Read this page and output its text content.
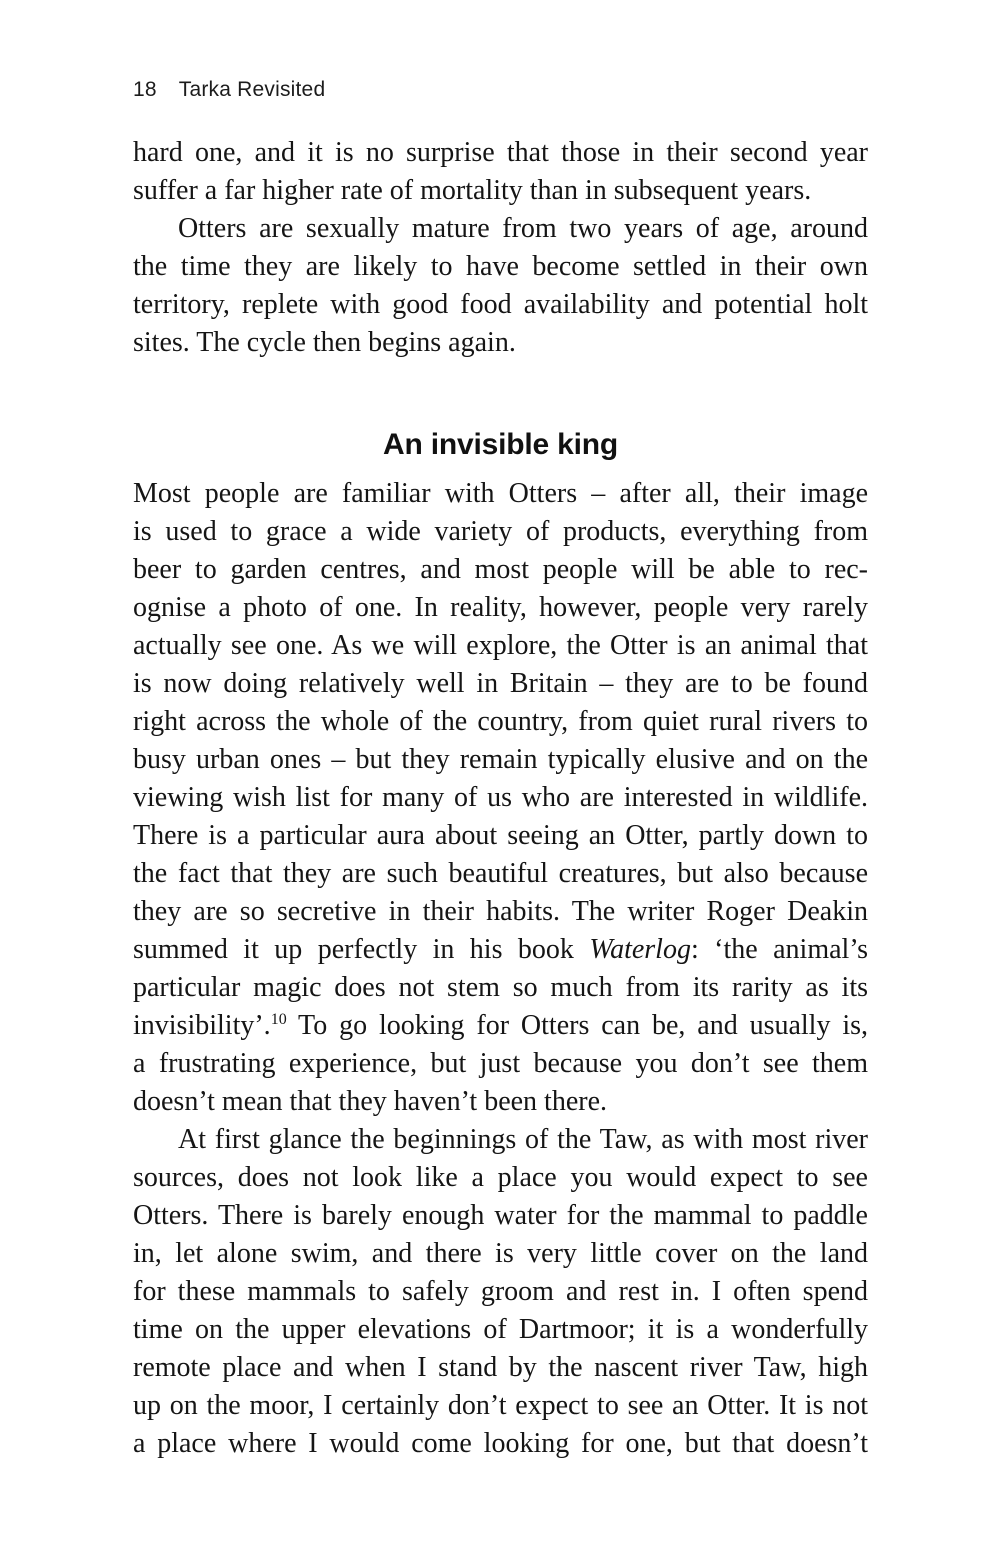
18 Tarka Revisited
hard one, and it is no surprise that those in their second year
suffer a far higher rate of mortality than in subsequent years.
Otters are sexually mature from two years of age, around
the time they are likely to have become settled in their own
territory, replete with good food availability and potential holt
sites. The cycle then begins again.
An invisible king
Most people are familiar with Otters – after all, their image
is used to grace a wide variety of products, everything from
beer to garden centres, and most people will be able to rec-
ognise a photo of one. In reality, however, people very rarely
actually see one. As we will explore, the Otter is an animal that
is now doing relatively well in Britain – they are to be found
right across the whole of the country, from quiet rural rivers to
busy urban ones – but they remain typically elusive and on the
viewing wish list for many of us who are interested in wildlife.
There is a particular aura about seeing an Otter, partly down to
the fact that they are such beautiful creatures, but also because
they are so secretive in their habits. The writer Roger Deakin
summed it up perfectly in his book Waterlog: ‘the animal’s
particular magic does not stem so much from its rarity as its
invisibility’.$^{10}$ To go looking for Otters can be, and usually is,
a frustrating experience, but just because you don’t see them
doesn’t mean that they haven’t been there.
At first glance the beginnings of the Taw, as with most river
sources, does not look like a place you would expect to see
Otters. There is barely enough water for the mammal to paddle
in, let alone swim, and there is very little cover on the land
for these mammals to safely groom and rest in. I often spend
time on the upper elevations of Dartmoor; it is a wonderfully
remote place and when I stand by the nascent river Taw, high
up on the moor, I certainly don’t expect to see an Otter. It is not
a place where I would come looking for one, but that doesn’t
